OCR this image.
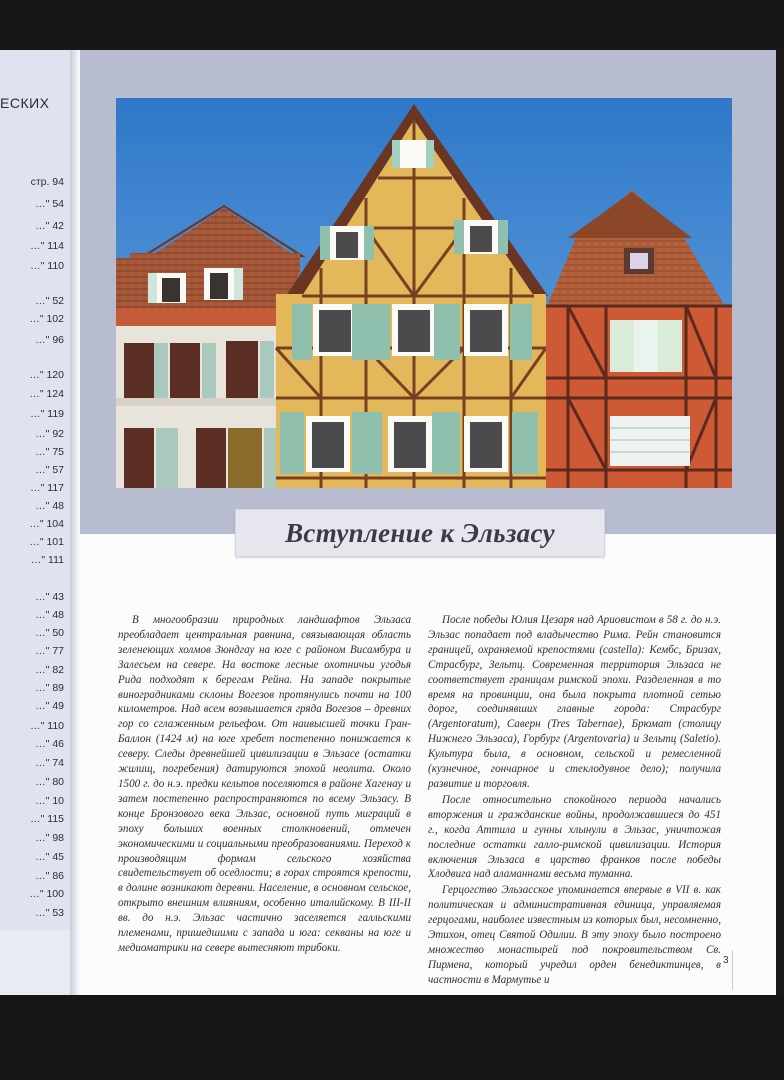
ЕСКИХ
стр. 94
…" 54
…" 42
…" 114
…" 110
…" 52
…" 102
…" 96
…" 120
…" 124
…" 119
…" 92
…" 75
…" 57
…" 117
…" 48
…" 104
…" 101
…" 111
…" 43
…" 48
…" 50
…" 77
…" 82
…" 89
…" 49
…" 110
…" 46
…" 74
…" 80
…" 10
…" 115
…" 98
…" 45
…" 86
…" 100
…" 53
Вступление к Эльзасу

В многообразии природных ландшафтов Эльзаса преобладает центральная равнина, связывающая область зеленеющих холмов Зюндгау на юге с районом Висамбура и Залесьем на севере. На востоке лесные охотничьи угодья Рида подходят к берегам Рейна. На западе покрытые виноградниками склоны Вогезов протянулись почти на 100 километров. Над всем возвышается гряда Вогезов – древних гор со сглаженным рельефом. От наивысшей точки Гран-Баллон (1424 м) на юге хребет постепенно понижается к северу. Следы древнейшей цивилизации в Эльзасе (остатки жилищ, погребения) датируются эпохой неолита. Около 1500 г. до н.э. предки кельтов поселяются в районе Хагенау и затем постепенно распространяются по всему Эльзасу. В конце Бронзового века Эльзас, основной путь миграций в эпоху больших военных столкновений, отмечен экономическими и социальными преобразованиями. Переход к производящим формам сельского хозяйства свидетельствует об оседлости; в горах строятся крепости, в долине возникают деревни. Население, в основном сельское, открыто внешним влияниям, особенно италийскому. В III-II вв. до н.э. Эльзас частично заселяется галльскими племенами, пришедшими с запада и юга: секваны на юге и медиоматрики на севере вытесняют трибоки.

После победы Юлия Цезаря над Ариовистом в 58 г. до н.э. Эльзас попадает под владычество Рима. Рейн становится границей, охраняемой крепостями (castella): Кембс, Бризах, Страсбург, Зельтц. Современная территория Эльзаса не соответствует границам римской эпохи. Разделенная в то время на провинции, она была покрыта плотной сетью дорог, соединявших главные города: Страсбург (Argentoratum), Саверн (Tres Tabernae), Брюмат (столицу Нижнего Эльзаса), Горбург (Argentovaria) и Зельтц (Saletio). Культура была, в основном, сельской и ремесленной (кузнечное, гончарное и стеклодувное дело); получила развитие и торговля.

После относительно спокойного периода начались вторжения и гражданские войны, продолжавшиеся до 451 г., когда Аттила и гунны хлынули в Эльзас, уничтожая последние остатки галло-римской цивилизации. История включения Эльзаса в царство франков после победы Хлодвига над аламаннами весьма туманна.

Герцогство Эльзасское упоминается впервые в VII в. как политическая и административная единица, управляемая герцогами, наиболее известным из которых был, несомненно, Этихон, отец Святой Одилии. В эту эпоху было построено множество монастырей под покровительством Св. Пирмена, который учредил орден бенедиктинцев, в частности в Мармутье и

3
